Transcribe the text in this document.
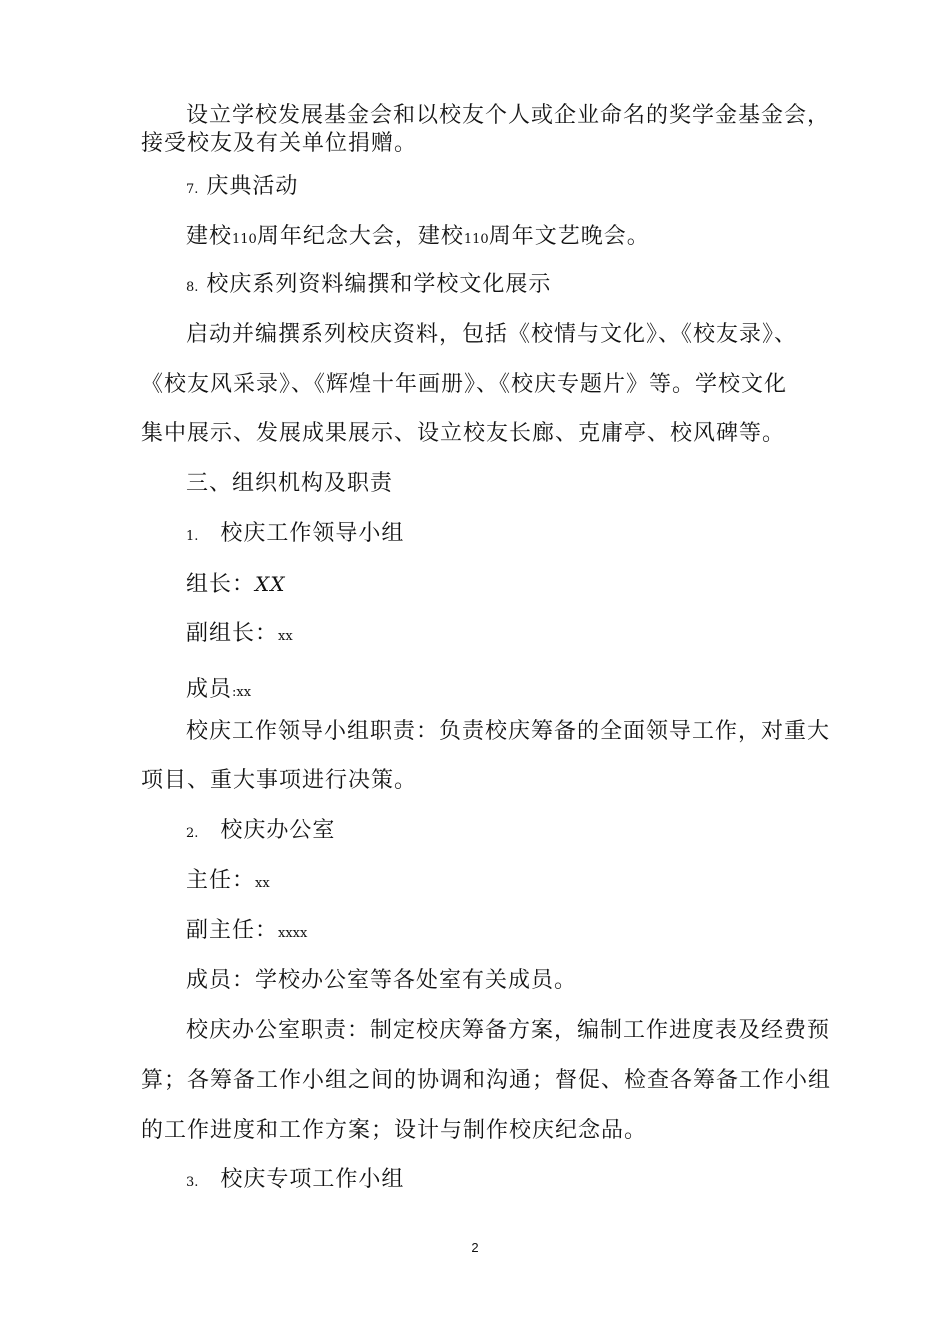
设立学校发展基金会和以校友个人或企业命名的奖学金基金会，
接受校友及有关单位捐赠。
7. 庆典活动
建校110周年纪念大会，建校110周年文艺晚会。
8. 校庆系列资料编撰和学校文化展示
启动并编撰系列校庆资料，包括《校情与文化》、《校友录》、
《校友风采录》、《辉煌十年画册》、《校庆专题片》等。学校文化
集中展示、发展成果展示、设立校友长廊、克庸亭、校风碑等。
三、组织机构及职责
1. 校庆工作领导小组
组长：XX
副组长：xx
成员:xx
校庆工作领导小组职责：负责校庆筹备的全面领导工作，对重大
项目、重大事项进行决策。
2. 校庆办公室
主任：xx
副主任：xxxx
成员：学校办公室等各处室有关成员。
校庆办公室职责：制定校庆筹备方案，编制工作进度表及经费预
算；各筹备工作小组之间的协调和沟通；督促、检查各筹备工作小组
的工作进度和工作方案；设计与制作校庆纪念品。
3. 校庆专项工作小组
2
